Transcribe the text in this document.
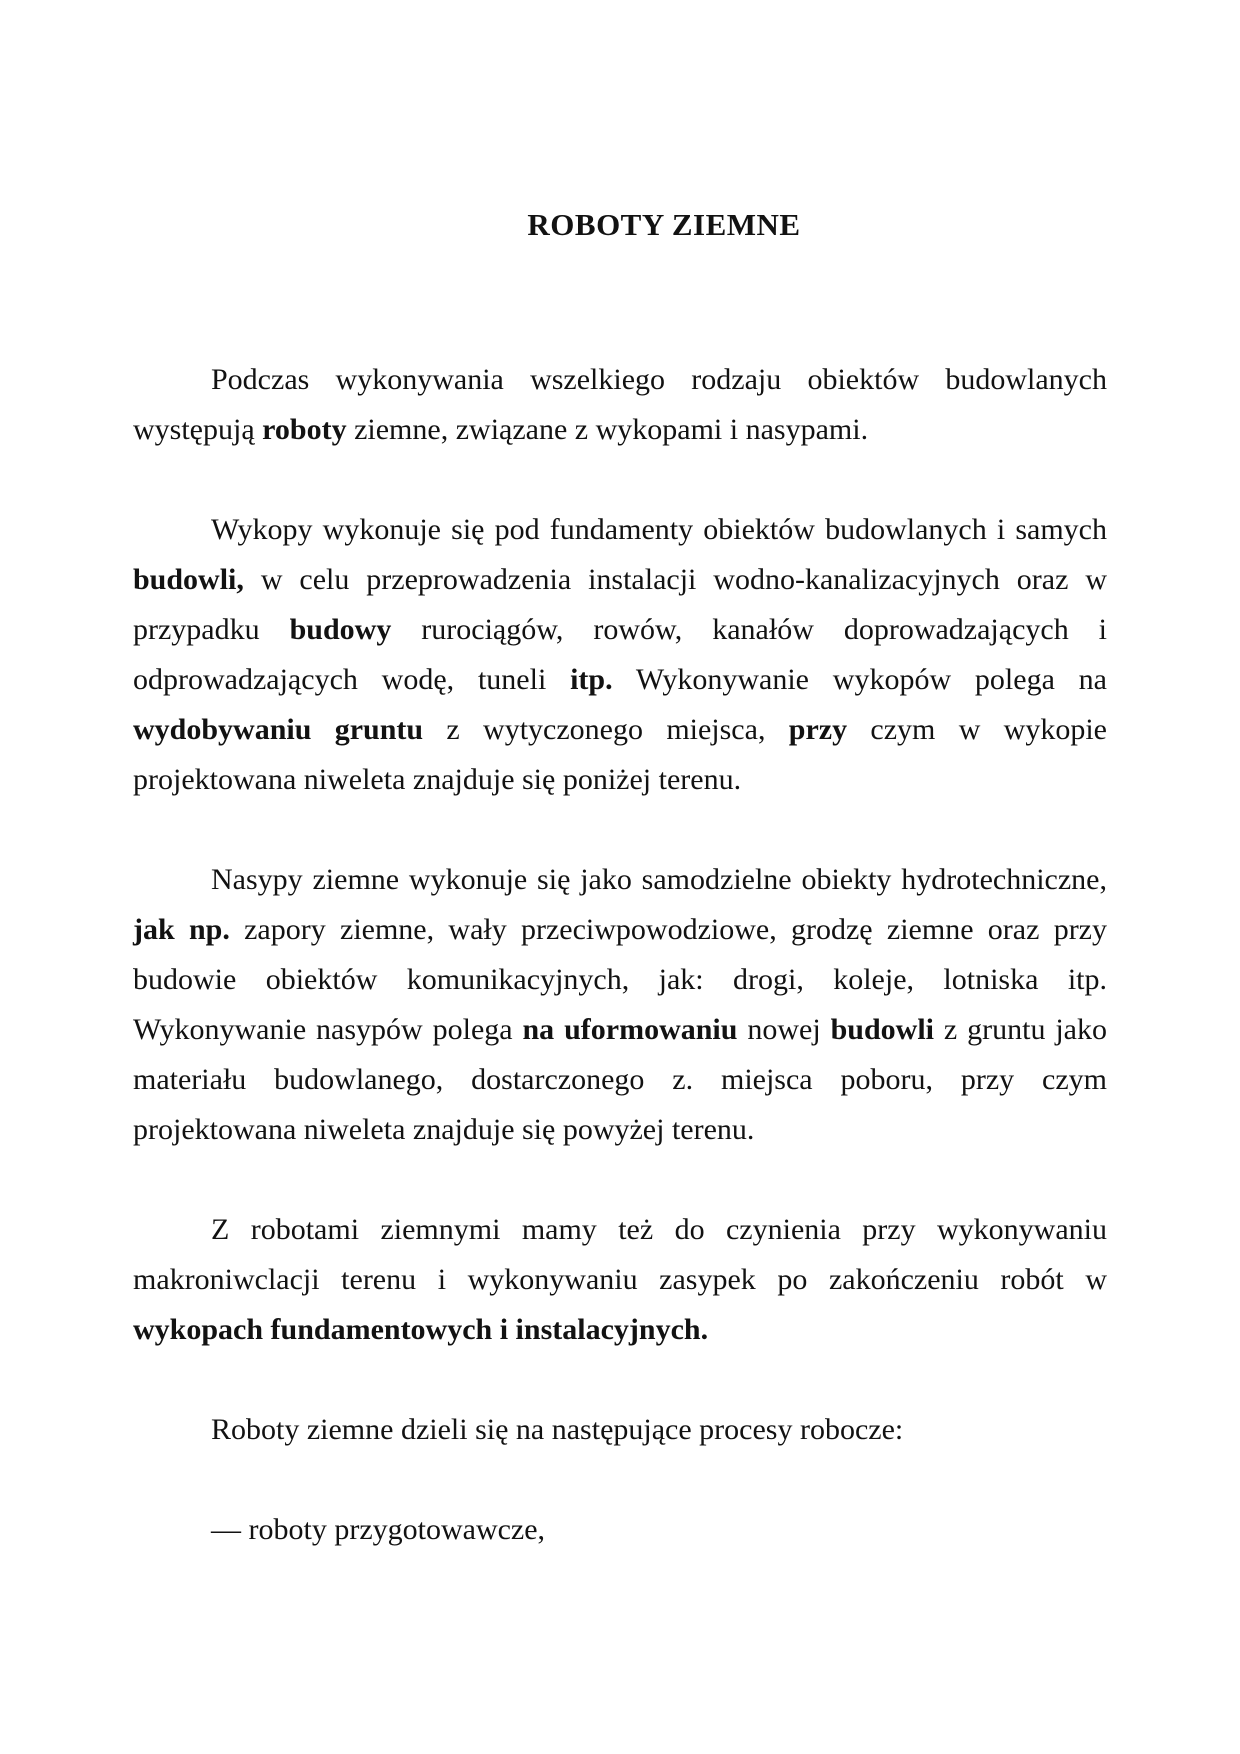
ROBOTY ZIEMNE
Podczas wykonywania wszelkiego rodzaju obiektów budowlanych
występują roboty ziemne, związane z wykopami i nasypami.
Wykopy wykonuje się pod fundamenty obiektów budowlanych i samych
budowli, w celu przeprowadzenia instalacji wodno-kanalizacyjnych oraz w
przypadku budowy rurociągów, rowów, kanałów doprowadzających i
odprowadzających wodę, tuneli itp. Wykonywanie wykopów polega na
wydobywaniu gruntu z wytyczonego miejsca, przy czym w wykopie
projektowana niweleta znajduje się poniżej terenu.
Nasypy ziemne wykonuje się jako samodzielne obiekty hydrotechniczne,
jak np. zapory ziemne, wały przeciwpowodziowe, grodzę ziemne oraz przy
budowie obiektów komunikacyjnych, jak: drogi, koleje, lotniska itp.
Wykonywanie nasypów polega na uformowaniu nowej budowli z gruntu jako
materiału budowlanego, dostarczonego z. miejsca poboru, przy czym
projektowana niweleta znajduje się powyżej terenu.
Z robotami ziemnymi mamy też do czynienia przy wykonywaniu
makroniwclacji terenu i wykonywaniu zasypek po zakończeniu robót w
wykopach fundamentowych i instalacyjnych.
Roboty ziemne dzieli się na następujące procesy robocze:
— roboty przygotowawcze,
